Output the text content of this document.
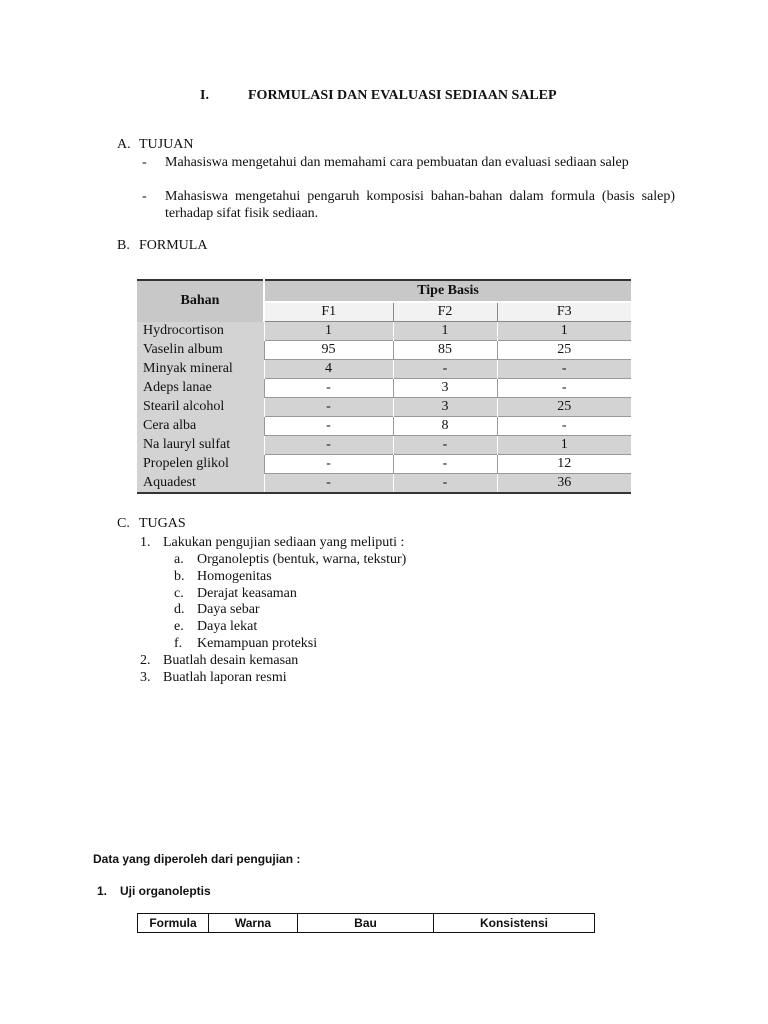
I.	FORMULASI DAN EVALUASI SEDIAAN SALEP
A. TUJUAN
- Mahasiswa mengetahui dan memahami cara pembuatan dan evaluasi sediaan salep
- Mahasiswa mengetahui pengaruh komposisi bahan-bahan dalam formula (basis salep) terhadap sifat fisik sediaan.
B. FORMULA
Bahan	Tipe Basis		
	F1	F2	F3
Hydrocortison	1	1	1
Vaselin album	95	85	25
Minyak mineral	4	-	-
Adeps lanae	-	3	-
Stearil alcohol	-	3	25
Cera alba	-	8	-
Na lauryl sulfat	-	-	1
Propelen glikol	-	-	12
Aquadest	-	-	36
C. TUGAS
1. Lakukan pengujian sediaan yang meliputi :
a. Organoleptis (bentuk, warna, tekstur)
b. Homogenitas
c. Derajat keasaman
d. Daya sebar
e. Daya lekat
f. Kemampuan proteksi
2. Buatlah desain kemasan
3. Buatlah laporan resmi
Data yang diperoleh dari pengujian :
1. Uji organoleptis
Formula	Warna	Bau	Konsistensi
